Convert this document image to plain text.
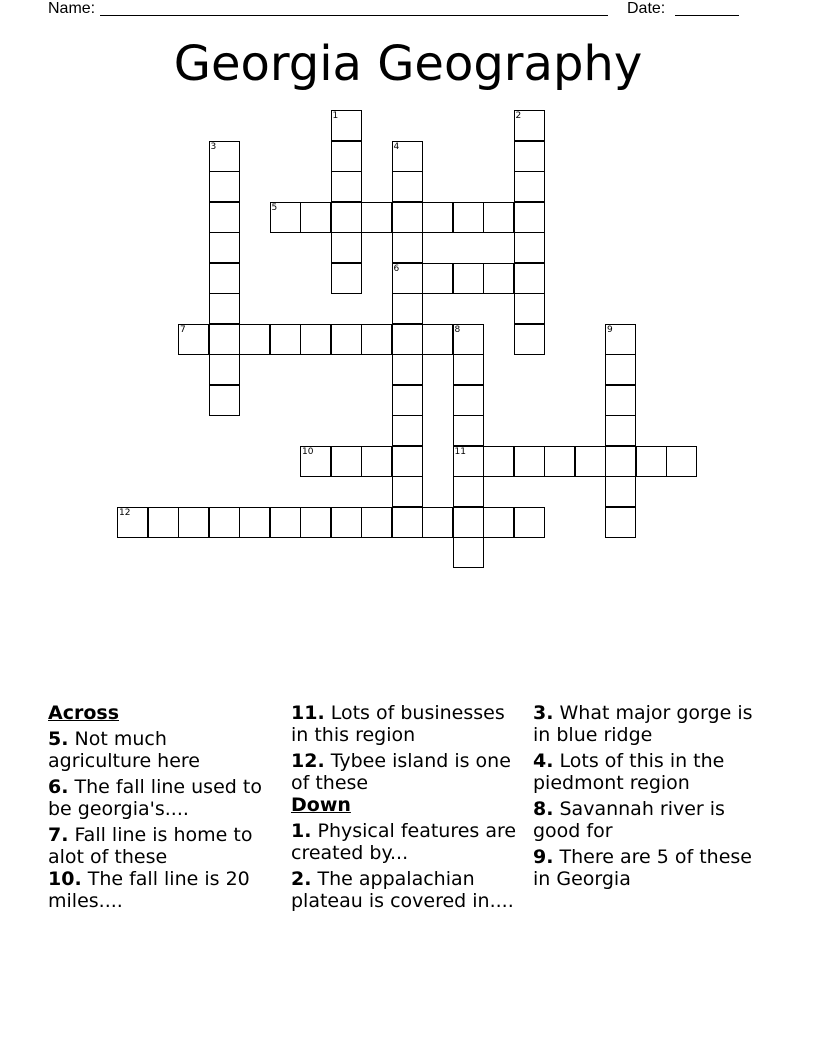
Name:	Date:
Georgia Geography
1	2
3	4
5
6
7	8	9
10	11
12
Across
5. Not much agriculture here
6. The fall line used to be georgia's....
7. Fall line is home to alot of these
10. The fall line is 20 miles....
11. Lots of businesses in this region
12. Tybee island is one of these
Down
1. Physical features are created by...
2. The appalachian plateau is covered in....
3. What major gorge is in blue ridge
4. Lots of this in the piedmont region
8. Savannah river is good for
9. There are 5 of these in Georgia
